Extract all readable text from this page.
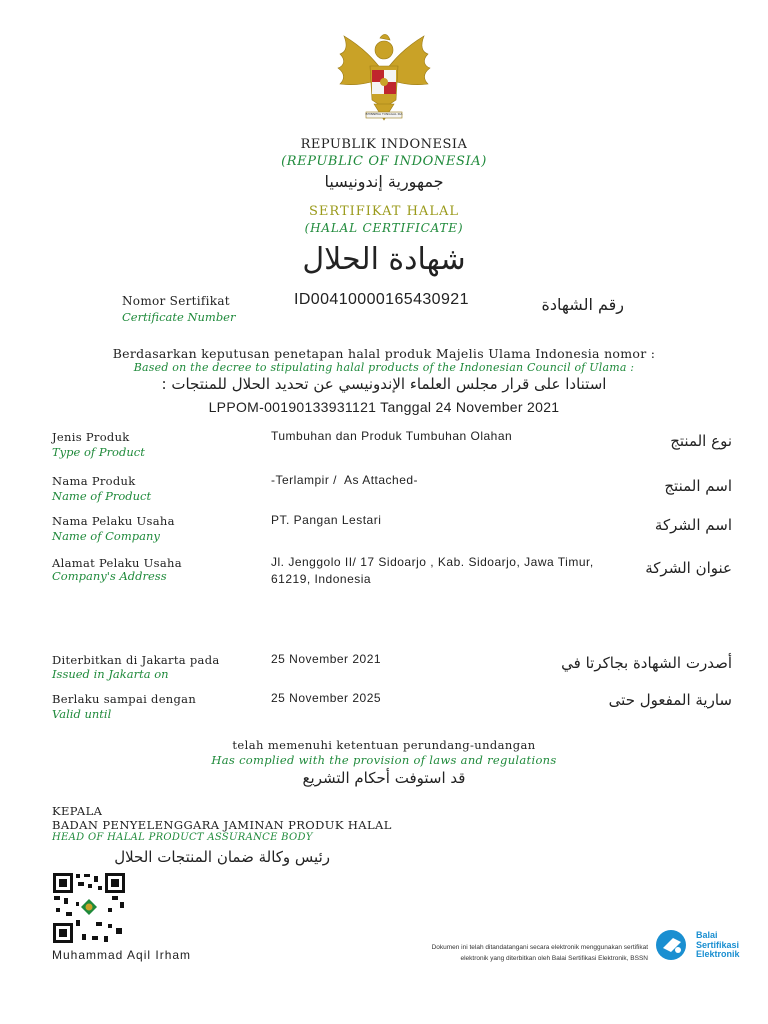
BHINNEKA TUNGGAL IKA
REPUBLIK INDONESIA
(REPUBLIC OF INDONESIA)
جمهورية إندونيسيا
SERTIFIKAT HALAL
(HALAL CERTIFICATE)
شهادة الحلال
Nomor Sertifikat
Certificate Number
ID00410000165430921	رقم الشهادة
Berdasarkan keputusan penetapan halal produk Majelis Ulama Indonesia nomor :
Based on the decree to stipulating halal products of the Indonesian Council of Ulama :
استنادا على قرار مجلس العلماء الإندونيسي عن تحديد الحلال للمنتجات :
LPPOM-00190133931121 Tanggal 24 November 2021
Jenis Produk
Type of Product
Tumbuhan dan Produk Tumbuhan Olahan	نوع المنتج
Nama Produk
Name of Product
-Terlampir /  As Attached-	اسم المنتج
Nama Pelaku Usaha
Name of Company
PT. Pangan Lestari	اسم الشركة
Alamat Pelaku Usaha
Company's Address
Jl. Jenggolo II/ 17 Sidoarjo , Kab. Sidoarjo, Jawa Timur, 61219, Indonesia
عنوان الشركة
Diterbitkan di Jakarta pada
Issued in Jakarta on
25 November 2021	أصدرت الشهادة بجاكرتا في
Berlaku sampai dengan
Valid until
25 November 2025	سارية المفعول حتى
telah memenuhi ketentuan perundang-undangan
Has complied with the provision of laws and regulations
قد استوفت أحكام التشريع
KEPALA
BADAN PENYELENGGARA JAMINAN PRODUK HALAL
HEAD OF HALAL PRODUCT ASSURANCE BODY
رئيس وكالة ضمان المنتجات الحلال
Muhammad Aqil Irham
Dokumen ini telah ditandatangani secara elektronik menggunakan sertifikat
elektronik yang diterbitkan oleh Balai Sertifikasi Elektronik, BSSN
Balai
Sertifikasi
Elektronik
